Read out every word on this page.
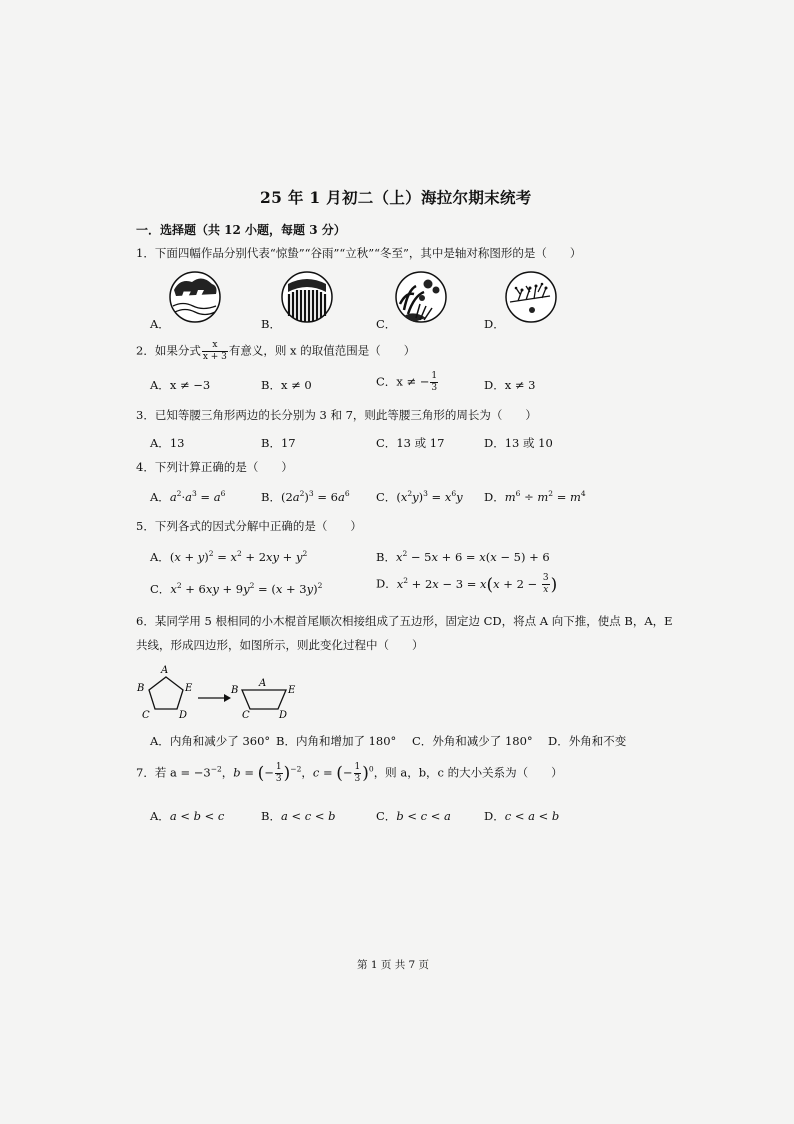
25 年 1 月初二（上）海拉尔期末统考
一．选择题（共 12 小题，每题 3 分）
1．下面四幅作品分别代表“惊蛰”“谷雨”“立秋”“冬至”，其中是轴对称图形的是（　　）
A．	B．	C．	D．
2．如果分式 $\frac{x}{x + 3}$ 有意义，则 x 的取值范围是（　　）
A．x ≠ −3	B．x ≠ 0	C．x ≠ − $\frac{1}{3}$	D．x ≠ 3
3．已知等腰三角形两边的长分别为 3 和 7，则此等腰三角形的周长为（　　）
A．13	B．17	C．13 或 17	D．13 或 10
4．下列计算正确的是（　　）
A．$a^2\cdot a^3 = a^6$	B．$(2a^2)^3 = 6a^6$ C．$(x^2y)^3 = x^6y$ D．$m^6 \div m^2 = m^4$
5．下列各式的因式分解中正确的是（　　）
A．$(x + y)^2 = x^2 + 2xy + y^2$	B．$x^2 - 5x + 6 = x(x - 5) + 6$
C．$x^2 + 6xy + 9y^2 = (x + 3y)^2$	D．$x^2 + 2x - 3 = x(x + 2 - \frac{3}{x}$ )
6．某同学用 5 根相同的小木棍首尾顺次相接组成了五边形，固定边 CD，将点 A 向下推，使点 B，A，E
共线，形成四边形，如图所示，则此变化过程中（　　）
A
B	E
C	D
B
A
E
C	D
A．内角和减少了 360° B．内角和增加了 180° C．外角和减少了 180° D．外角和不变
7．若 $a = -3^{-2}$，b = (− $\frac{1}{3} )^{-2}$，c = (− $\frac{1}{3} )^0$，则 a，b，c 的大小关系为（　　）
A．a < b < c	B．a < c < b	C．b < c < a	D．c < a < b
第 1 页 共 7 页
